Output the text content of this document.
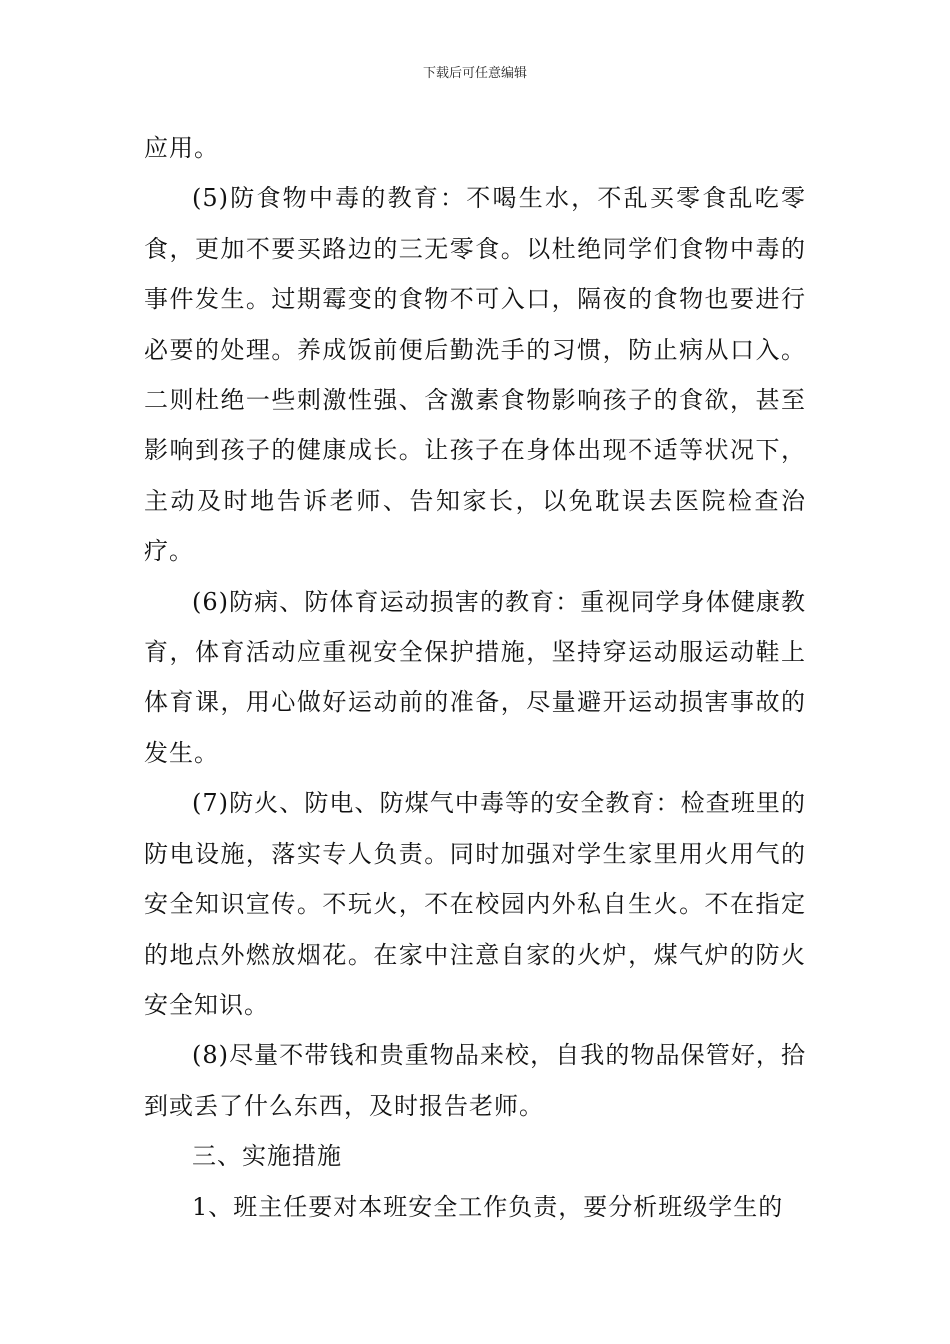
下载后可任意编辑

应用。

(5)防食物中毒的教育：不喝生水，不乱买零食乱吃零食，更加不要买路边的三无零食。以杜绝同学们食物中毒的事件发生。过期霉变的食物不可入口，隔夜的食物也要进行必要的处理。养成饭前便后勤洗手的习惯，防止病从口入。二则杜绝一些刺激性强、含激素食物影响孩子的食欲，甚至影响到孩子的健康成长。让孩子在身体出现不适等状况下，主动及时地告诉老师、告知家长，以免耽误去医院检查治疗。

(6)防病、防体育运动损害的教育：重视同学身体健康教育，体育活动应重视安全保护措施，坚持穿运动服运动鞋上体育课，用心做好运动前的准备，尽量避开运动损害事故的发生。

(7)防火、防电、防煤气中毒等的安全教育：检查班里的防电设施，落实专人负责。同时加强对学生家里用火用气的安全知识宣传。不玩火，不在校园内外私自生火。不在指定的地点外燃放烟花。在家中注意自家的火炉，煤气炉的防火安全知识。

(8)尽量不带钱和贵重物品来校，自我的物品保管好，拾到或丢了什么东西，及时报告老师。

三、实施措施

1、班主任要对本班安全工作负责，要分析班级学生的
